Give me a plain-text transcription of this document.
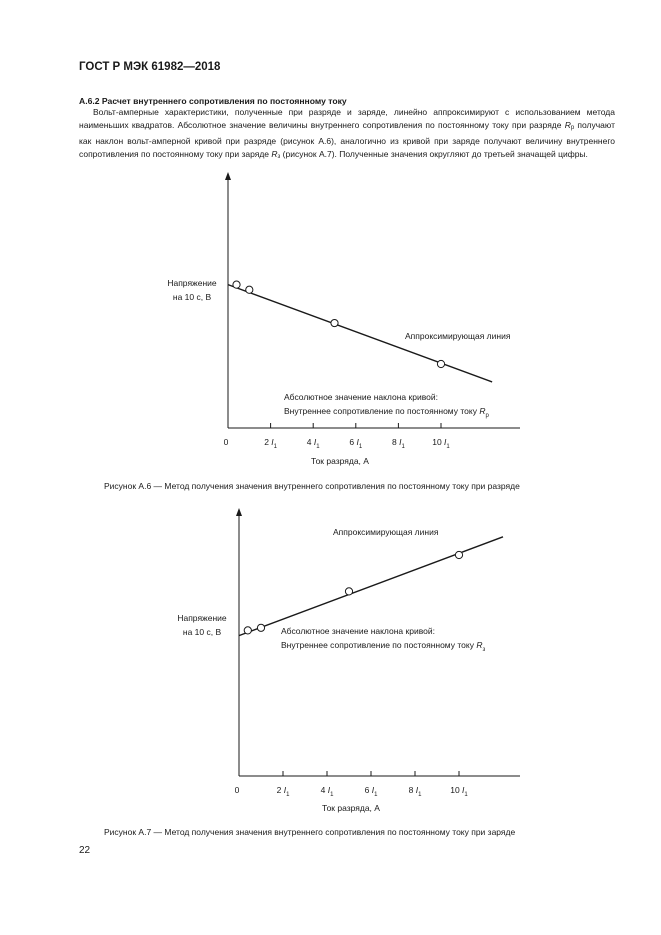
ГОСТ Р МЭК 61982—2018
А.6.2 Расчет внутреннего сопротивления по постоянному току
Вольт-амперные характеристики, полученные при разряде и заряде, линейно аппроксимируют с использованием метода наименьших квадратов. Абсолютное значение величины внутреннего сопротивления по постоянному току при разряде $R_р$ получают как наклон вольт-амперной кривой при разряде (рисунок А.6), аналогично из кривой при заряде получают величину внутреннего сопротивления по постоянному току при заряде $R_з$ (рисунок А.7). Полученные значения округляют до третьей значащей цифры.
2 $I_1$	4 $I_1$	6 $I_1$	8 $I_1$	10 $I_1$
0
Напряжение
на 10 с, В
Ток разряда, А
Аппроксимирующая линия
Абсолютное значение наклона кривой:
Внутреннее сопротивление по постоянному току $R_р$
Рисунок А.6 — Метод получения значения внутреннего сопротивления по постоянному току при разряде
2 $I_1$	4 $I_1$	6 $I_1$	8 $I_1$	10 $I_1$
0
Напряжение
на 10 с, В
Ток разряда, А
Аппроксимирующая линия
Абсолютное значение наклона кривой:
Внутреннее сопротивление по постоянному току $R_з$
Рисунок А.7 — Метод получения значения внутреннего сопротивления по постоянному току при заряде
22
